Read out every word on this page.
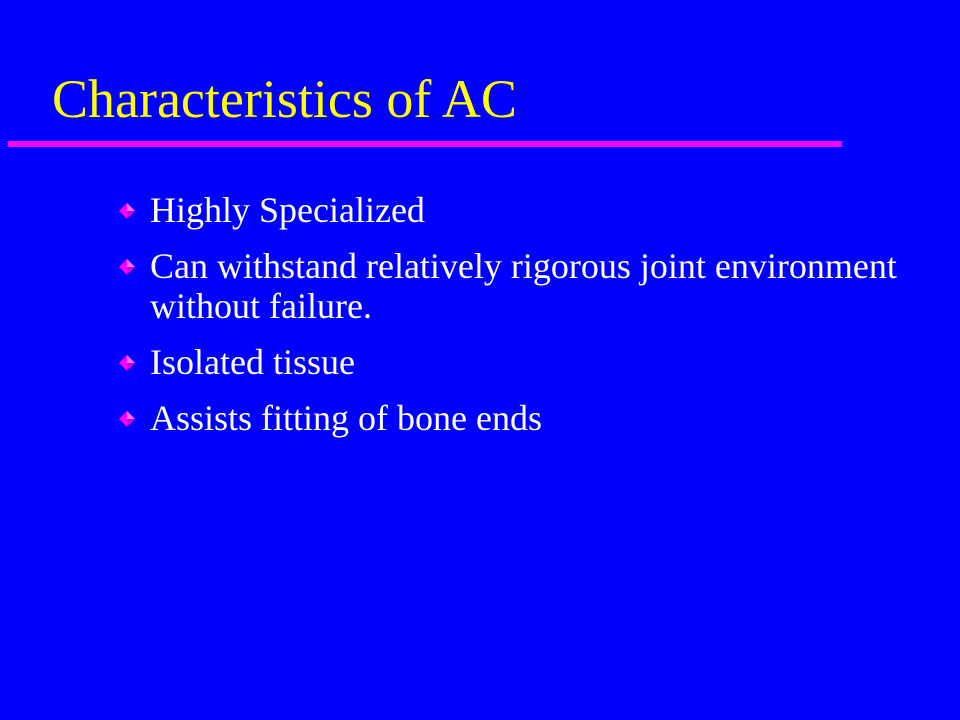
Characteristics of AC
Highly Specialized
Can withstand relatively rigorous joint environment without failure.
Isolated tissue
Assists fitting of bone ends
